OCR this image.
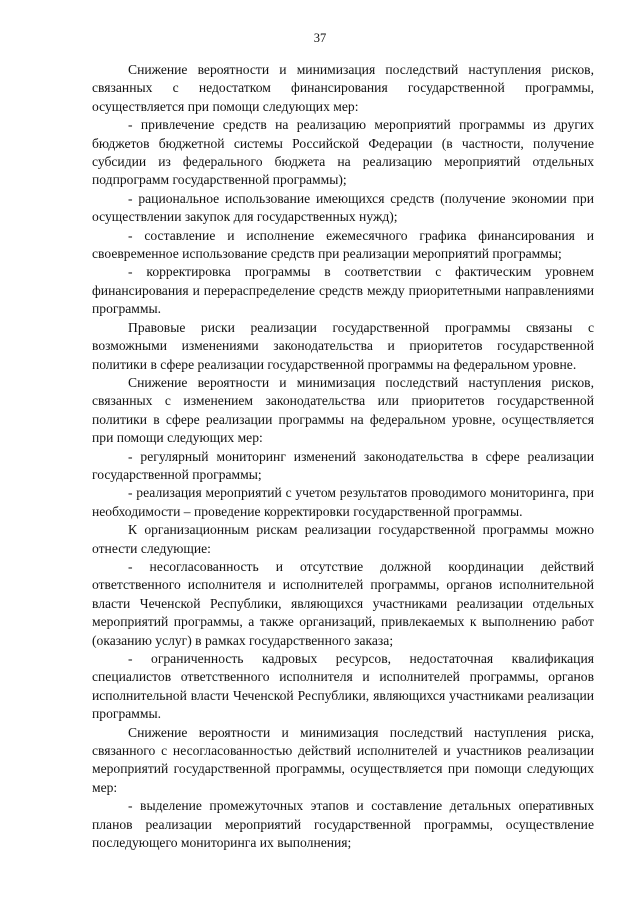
37

Снижение вероятности и минимизация последствий наступления рисков, связанных с недостатком финансирования государственной программы, осуществляется при помощи следующих мер:

- привлечение средств на реализацию мероприятий программы из других бюджетов бюджетной системы Российской Федерации (в частности, получение субсидии из федерального бюджета на реализацию мероприятий отдельных подпрограмм государственной программы);

- рациональное использование имеющихся средств (получение экономии при осуществлении закупок для государственных нужд);

- составление и исполнение ежемесячного графика финансирования и своевременное использование средств при реализации мероприятий программы;

- корректировка программы в соответствии с фактическим уровнем финансирования и перераспределение средств между приоритетными направлениями программы.

Правовые риски реализации государственной программы связаны с возможными изменениями законодательства и приоритетов государственной политики в сфере реализации государственной программы на федеральном уровне.

Снижение вероятности и минимизация последствий наступления рисков, связанных с изменением законодательства или приоритетов государственной политики в сфере реализации программы на федеральном уровне, осуществляется при помощи следующих мер:

- регулярный мониторинг изменений законодательства в сфере реализации государственной программы;

- реализация мероприятий с учетом результатов проводимого мониторинга, при необходимости – проведение корректировки государственной программы.

К организационным рискам реализации государственной программы можно отнести следующие:

- несогласованность и отсутствие должной координации действий ответственного исполнителя и исполнителей программы, органов исполнительной власти Чеченской Республики, являющихся участниками реализации отдельных мероприятий программы, а также организаций, привлекаемых к выполнению работ (оказанию услуг) в рамках государственного заказа;

- ограниченность кадровых ресурсов, недостаточная квалификация специалистов ответственного исполнителя и исполнителей программы, органов исполнительной власти Чеченской Республики, являющихся участниками реализации программы.

Снижение вероятности и минимизация последствий наступления риска, связанного с несогласованностью действий исполнителей и участников реализации мероприятий государственной программы, осуществляется при помощи следующих мер:

- выделение промежуточных этапов и составление детальных оперативных планов реализации мероприятий государственной программы, осуществление последующего мониторинга их выполнения;
